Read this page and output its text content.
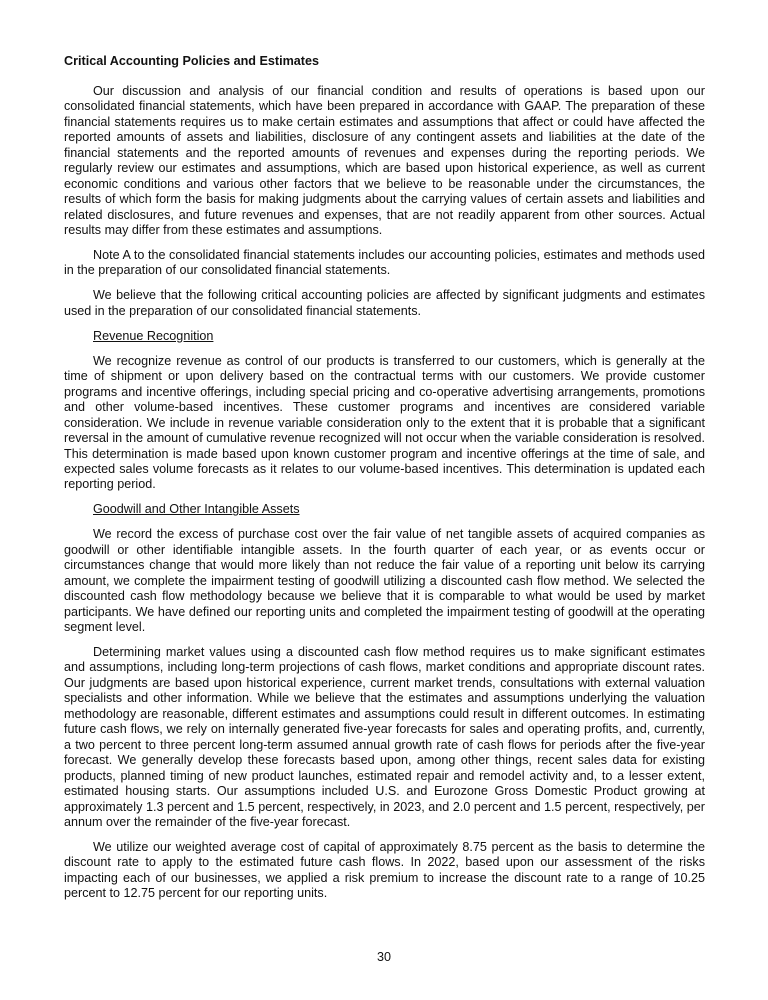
Critical Accounting Policies and Estimates

Our discussion and analysis of our financial condition and results of operations is based upon our consolidated financial statements, which have been prepared in accordance with GAAP. The preparation of these financial statements requires us to make certain estimates and assumptions that affect or could have affected the reported amounts of assets and liabilities, disclosure of any contingent assets and liabilities at the date of the financial statements and the reported amounts of revenues and expenses during the reporting periods. We regularly review our estimates and assumptions, which are based upon historical experience, as well as current economic conditions and various other factors that we believe to be reasonable under the circumstances, the results of which form the basis for making judgments about the carrying values of certain assets and liabilities and related disclosures, and future revenues and expenses, that are not readily apparent from other sources. Actual results may differ from these estimates and assumptions.

Note A to the consolidated financial statements includes our accounting policies, estimates and methods used in the preparation of our consolidated financial statements.

We believe that the following critical accounting policies are affected by significant judgments and estimates used in the preparation of our consolidated financial statements.

Revenue Recognition

We recognize revenue as control of our products is transferred to our customers, which is generally at the time of shipment or upon delivery based on the contractual terms with our customers. We provide customer programs and incentive offerings, including special pricing and co-operative advertising arrangements, promotions and other volume-based incentives. These customer programs and incentives are considered variable consideration. We include in revenue variable consideration only to the extent that it is probable that a significant reversal in the amount of cumulative revenue recognized will not occur when the variable consideration is resolved. This determination is made based upon known customer program and incentive offerings at the time of sale, and expected sales volume forecasts as it relates to our volume-based incentives. This determination is updated each reporting period.

Goodwill and Other Intangible Assets

We record the excess of purchase cost over the fair value of net tangible assets of acquired companies as goodwill or other identifiable intangible assets. In the fourth quarter of each year, or as events occur or circumstances change that would more likely than not reduce the fair value of a reporting unit below its carrying amount, we complete the impairment testing of goodwill utilizing a discounted cash flow method. We selected the discounted cash flow methodology because we believe that it is comparable to what would be used by market participants. We have defined our reporting units and completed the impairment testing of goodwill at the operating segment level.

Determining market values using a discounted cash flow method requires us to make significant estimates and assumptions, including long-term projections of cash flows, market conditions and appropriate discount rates. Our judgments are based upon historical experience, current market trends, consultations with external valuation specialists and other information. While we believe that the estimates and assumptions underlying the valuation methodology are reasonable, different estimates and assumptions could result in different outcomes. In estimating future cash flows, we rely on internally generated five-year forecasts for sales and operating profits, and, currently, a two percent to three percent long-term assumed annual growth rate of cash flows for periods after the five-year forecast. We generally develop these forecasts based upon, among other things, recent sales data for existing products, planned timing of new product launches, estimated repair and remodel activity and, to a lesser extent, estimated housing starts. Our assumptions included U.S. and Eurozone Gross Domestic Product growing at approximately 1.3 percent and 1.5 percent, respectively, in 2023, and 2.0 percent and 1.5 percent, respectively, per annum over the remainder of the five-year forecast.

We utilize our weighted average cost of capital of approximately 8.75 percent as the basis to determine the discount rate to apply to the estimated future cash flows. In 2022, based upon our assessment of the risks impacting each of our businesses, we applied a risk premium to increase the discount rate to a range of 10.25 percent to 12.75 percent for our reporting units.

30
